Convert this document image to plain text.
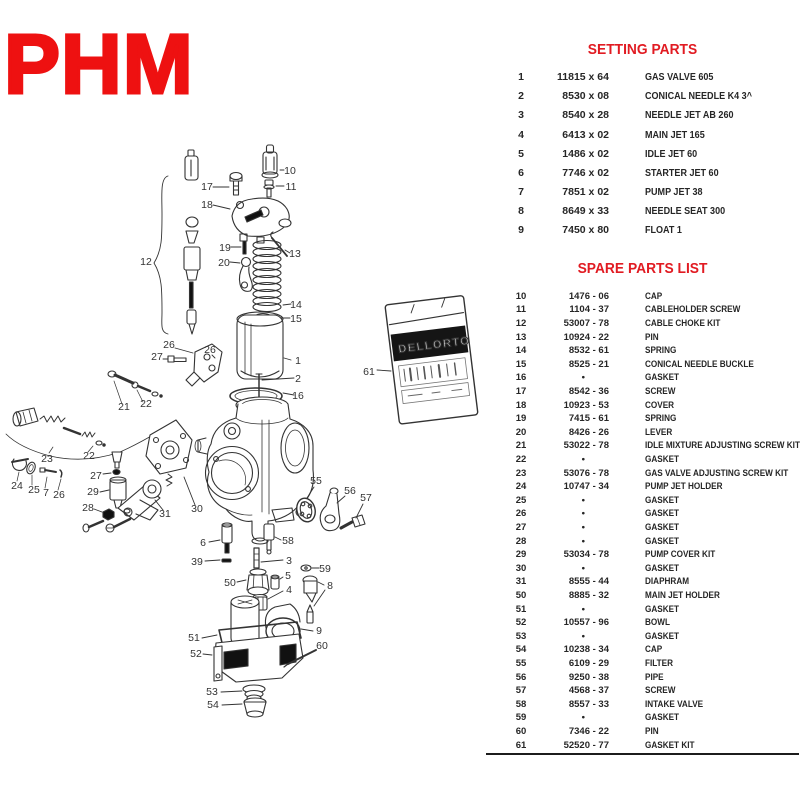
PHM
DELLORTO
10
11
17
18
12
19
20
13
14
15
1
2
16
26	26
27
21 22
23	22
24 25 7 26
27
29
28	31 30
6
39
58
3
50
5
4
59
8
9
60
51
52
53
54
55
56
57
61
SETTING PARTS
1	11815 x 64	GAS VALVE 605
2	8530 x 08	CONICAL NEEDLE K4 3^
3	8540 x 28	NEEDLE JET AB 260
4	6413 x 02	MAIN JET 165
5	1486 x 02	IDLE JET 60
6	7746 x 02	STARTER JET 60
7	7851 x 02	PUMP JET 38
8	8649 x 33	NEEDLE SEAT 300
9	7450 x 80	FLOAT 1
SPARE PARTS LIST
10	1476 - 06	CAP
11	1104 - 37	CABLEHOLDER SCREW
12	53007 - 78	CABLE CHOKE KIT
13	10924 - 22	PIN
14	8532 - 61	SPRING
15	8525 - 21	CONICAL NEEDLE BUCKLE
16	•	GASKET
17	8542 - 36	SCREW
18	10923 - 53	COVER
19	7415 - 61	SPRING
20	8426 - 26	LEVER
21	53022 - 78	IDLE MIXTURE ADJUSTING SCREW KIT
22	•	GASKET
23	53076 - 78	GAS VALVE ADJUSTING SCREW KIT
24	10747 - 34	PUMP JET HOLDER
25	•	GASKET
26	•	GASKET
27	•	GASKET
28	•	GASKET
29	53034 - 78	PUMP COVER KIT
30	•	GASKET
31	8555 - 44	DIAPHRAM
50	8885 - 32	MAIN JET HOLDER
51	•	GASKET
52	10557 - 96	BOWL
53	•	GASKET
54	10238 - 34	CAP
55	6109 - 29	FILTER
56	9250 - 38	PIPE
57	4568 - 37	SCREW
58	8557 - 33	INTAKE VALVE
59	•	GASKET
60	7346 - 22	PIN
61	52520 - 77	GASKET KIT
